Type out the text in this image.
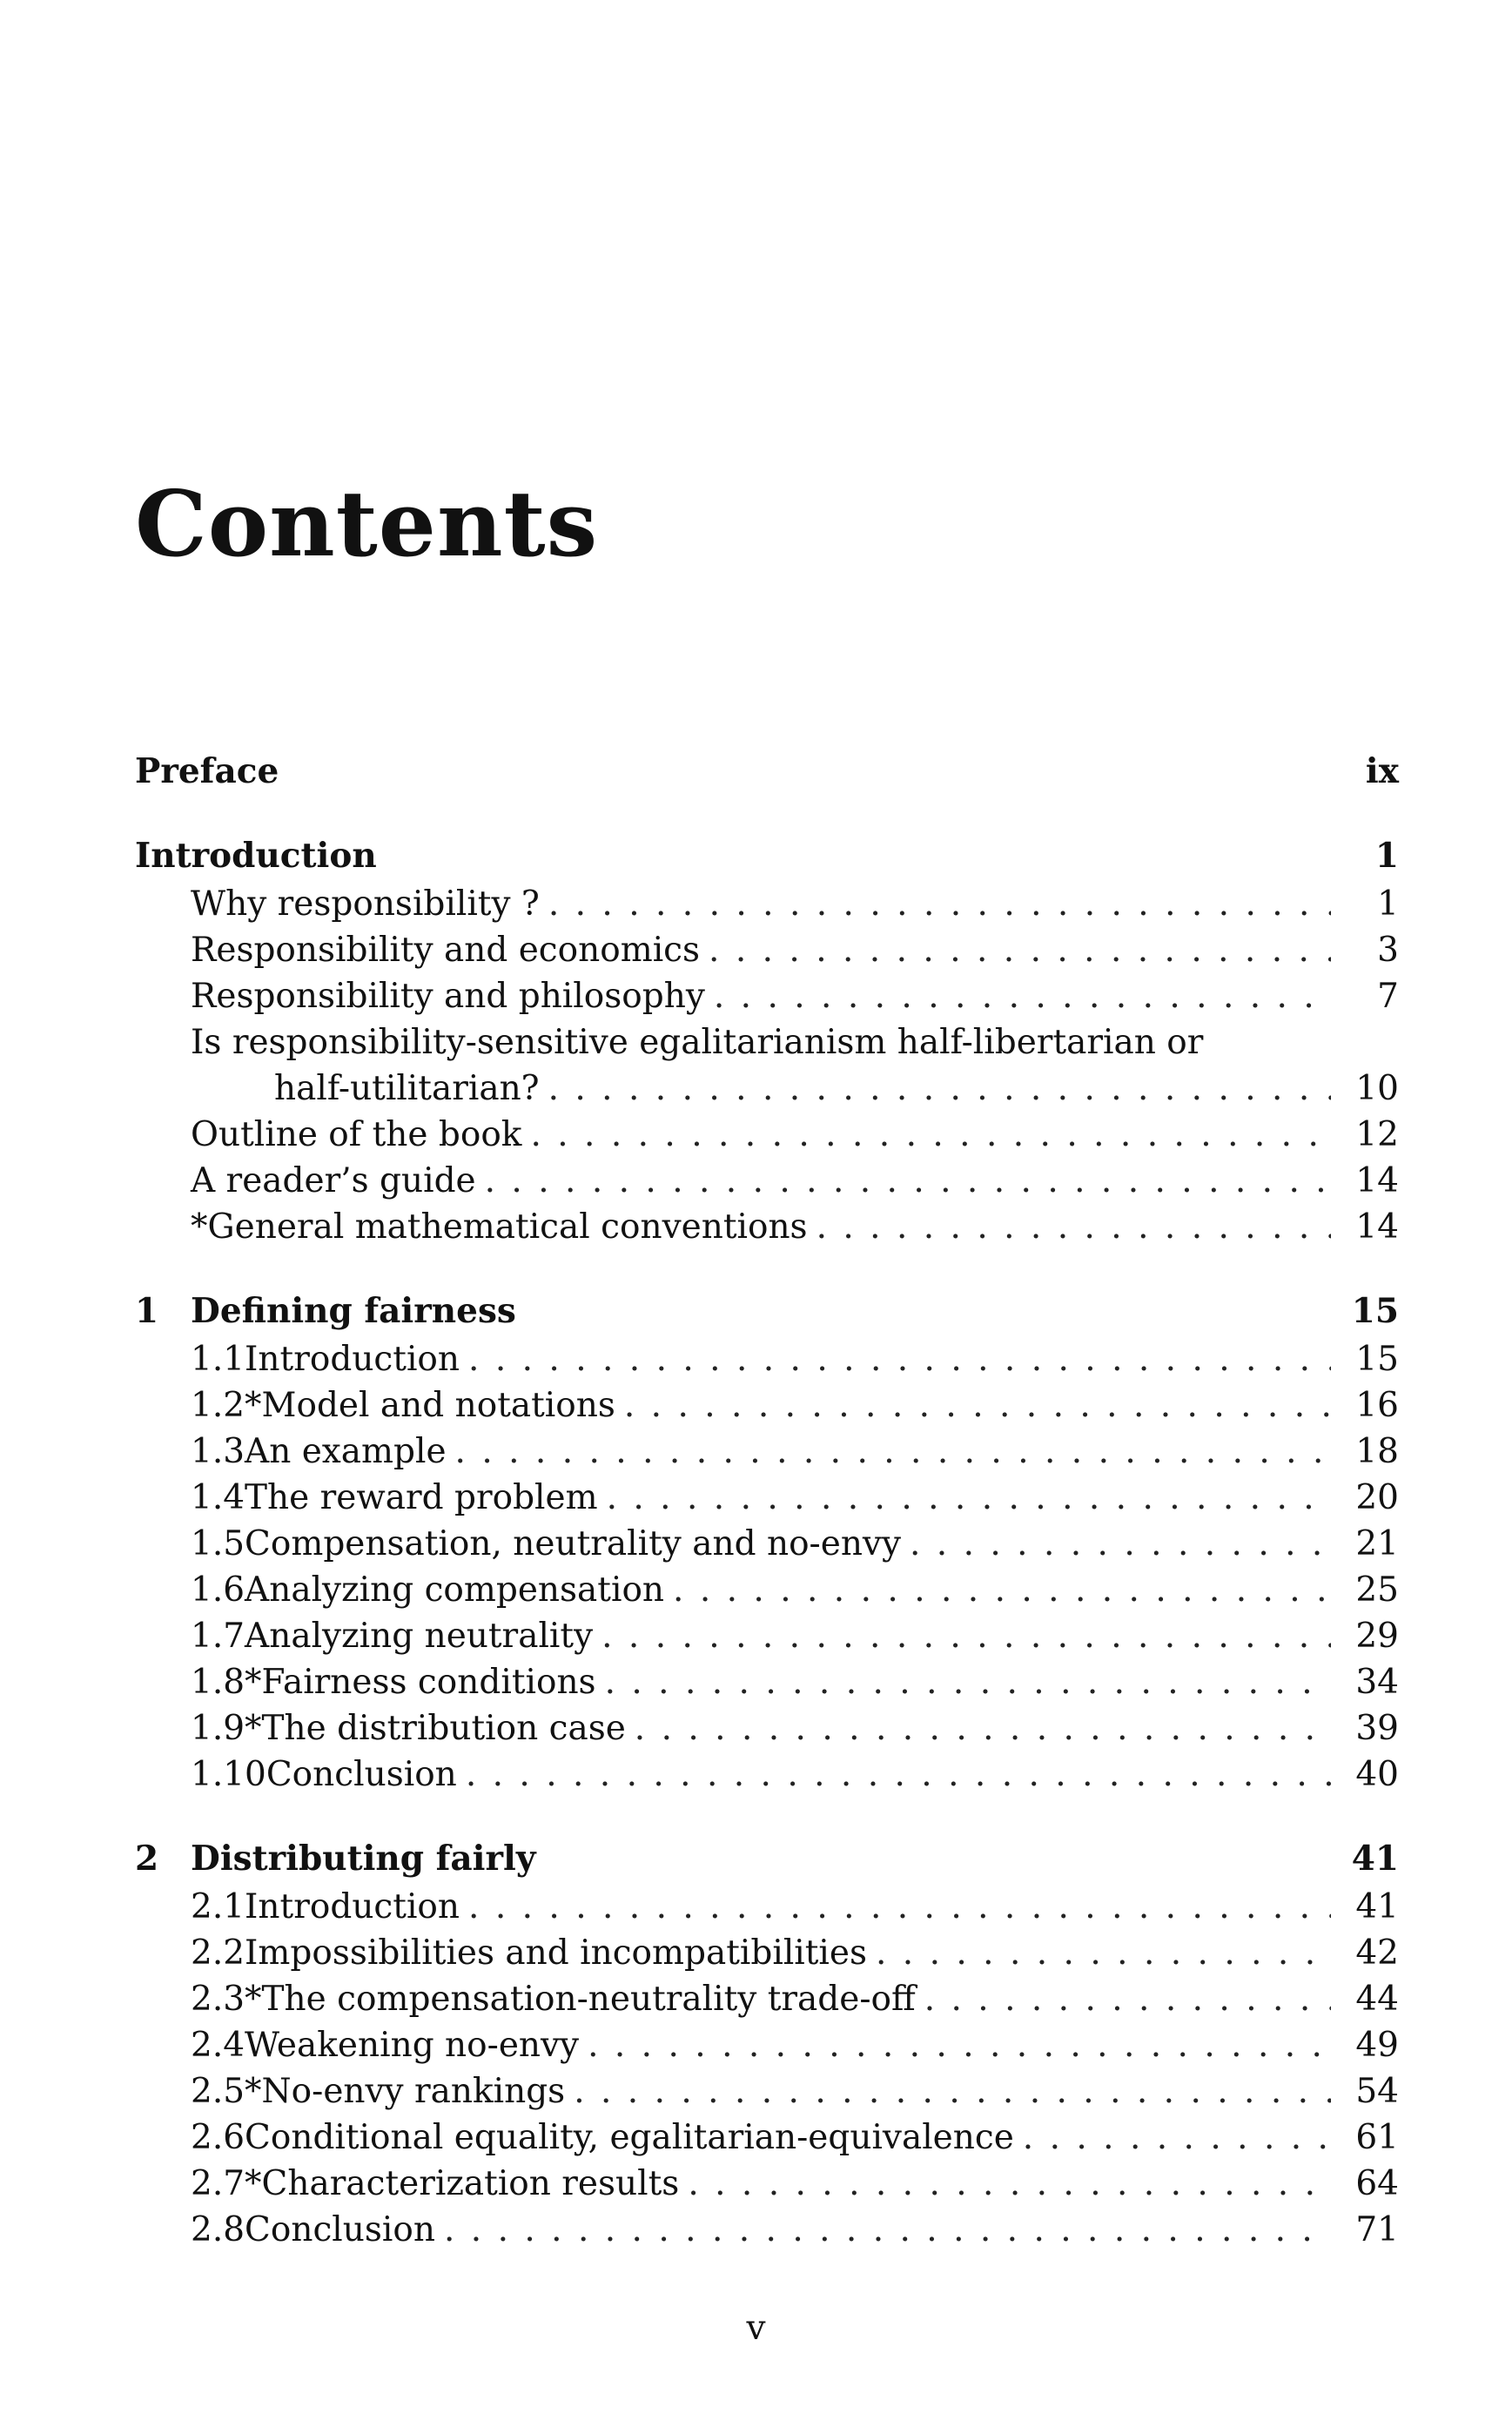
Contents
Preface	ix
Introduction	1
Why responsibility ? . . .	1
Responsibility and economics . . .	3
Responsibility and philosophy . . .	7
Is responsibility-sensitive egalitarianism half-libertarian or
half-utilitarian? . . .	10
Outline of the book . . .	12
A reader’s guide . . .	14
*General mathematical conventions . . .	14
1 Defining fairness	15
1.1 Introduction . . .	15
1.2 *Model and notations . . .	16
1.3 An example . . .	18
1.4 The reward problem . . .	20
1.5 Compensation, neutrality and no-envy . . .	21
1.6 Analyzing compensation . . .	25
1.7 Analyzing neutrality . . .	29
1.8 *Fairness conditions . . .	34
1.9 *The distribution case . . .	39
1.10 Conclusion . . .	40
2 Distributing fairly	41
2.1 Introduction . . .	41
2.2 Impossibilities and incompatibilities . . .	42
2.3 *The compensation-neutrality trade-off . . .	44
2.4 Weakening no-envy . . .	49
2.5 *No-envy rankings . . .	54
2.6 Conditional equality, egalitarian-equivalence . . .	61
2.7 *Characterization results . . .	64
2.8 Conclusion . . .	71
v
